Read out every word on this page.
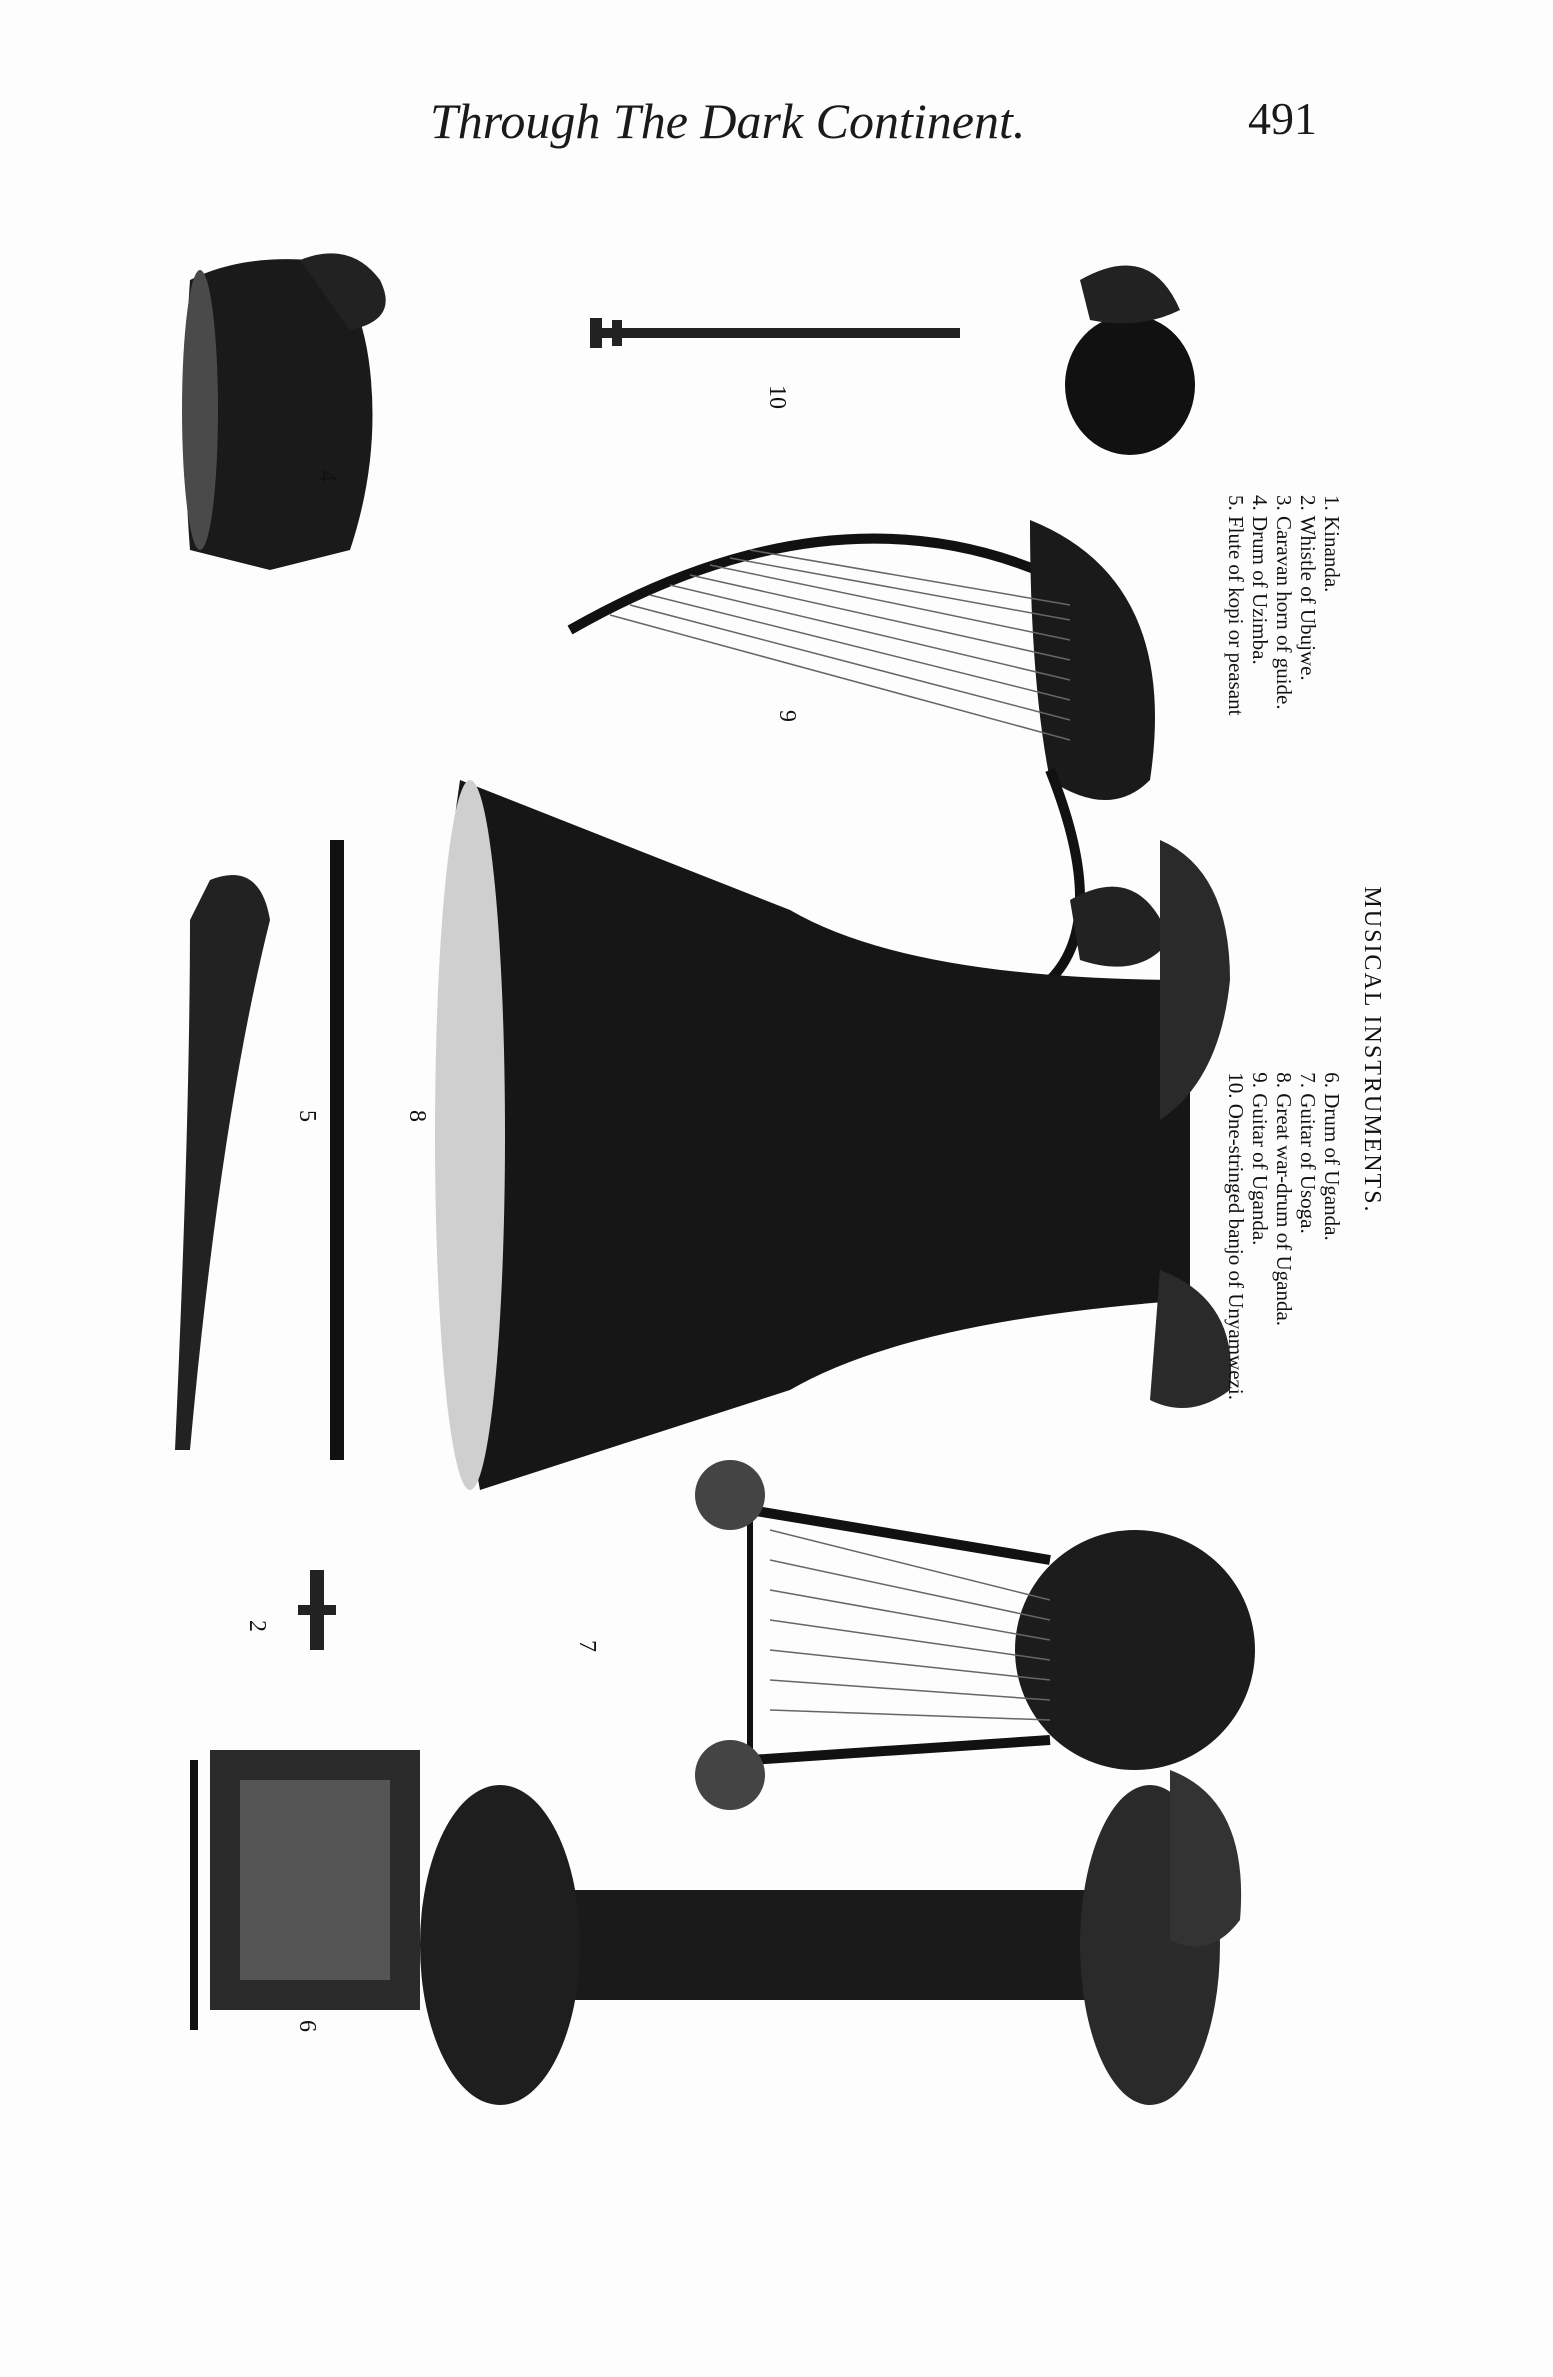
Through The Dark Continent.	491
4
10
9
5	8
2
7
6
MUSICAL INSTRUMENTS.
1. Kinanda.
2. Whistle of Ubujwe.
3. Caravan horn of guide.
4. Drum of Uzimba.
5. Flute of kopi or peasant
6. Drum of Uganda.
7. Guitar of Usoga.
8. Great war-drum of Uganda.
9. Guitar of Uganda.
10. One-stringed banjo of Unyamwezi.
